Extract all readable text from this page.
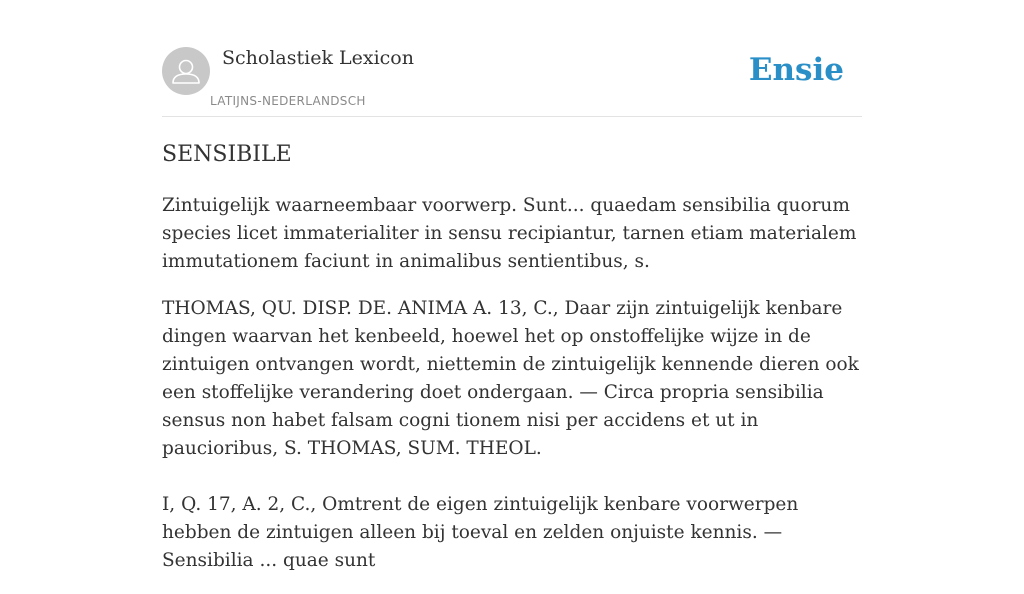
Scholastiek Lexicon
LATIJNS-NEDERLANDSCH
Ensie
SENSIBILE

Zintuigelijk waarneembaar voorwerp. Sunt... quaedam sensibilia quorum species licet immaterialiter in sensu recipiantur, tarnen etiam materialem immutationem faciunt in animalibus sentientibus, s.

THOMAS, QU. DISP. DE. ANIMA A. 13, C., Daar zijn zintuigelijk kenbare dingen waarvan het kenbeeld, hoewel het op onstoffelijke wijze in de zintuigen ontvangen wordt, niettemin de zintuigelijk kennende dieren ook een stoffelijke verandering doet ondergaan. — Circa propria sensibilia sensus non habet falsam cogni tionem nisi per accidens et ut in paucioribus, S. THOMAS, SUM. THEOL.

I, Q. 17, A. 2, C., Omtrent de eigen zintuigelijk kenbare voorwerpen hebben de zintuigen alleen bij toeval en zelden onjuiste kennis. — Sensibilia ... quae sunt
